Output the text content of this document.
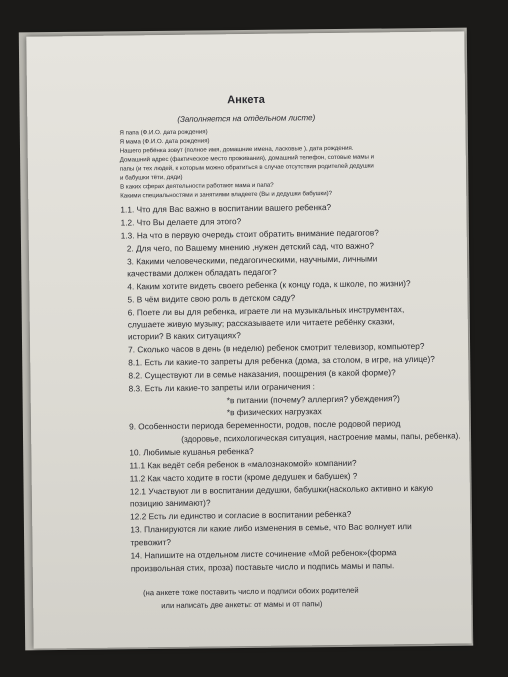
Анкета
(Заполняется на отдельном листе)
Я папа (Ф.И.О. дата рождения)
Я мама (Ф.И.О. дата рождения)
Нашего ребёнка зовут (полное имя, домашние имена, ласковые ), дата рождения.
Домашний адрес (фактическое место проживания), домашний телефон, сотовые мамы и
папы (и тех людей, к которым можно обратиться в случае отсутствия родителей дедушки
и бабушки тёти, дяди)
В каких сферах деятельности работают мама и папа?
Какими специальностями и занятиями владеете (Вы и дедушки бабушки)?
1.1. Что для Вас важно в воспитании вашего ребенка?
1.2. Что Вы делаете для этого?
1.3. На что в первую очередь стоит обратить внимание педагогов?
2. Для чего, по Вашему мнению ,нужен детский сад, что важно?
3. Какими человеческими, педагогическими, научными, личными
качествами должен обладать педагог?
4. Каким хотите видеть своего ребенка (к концу года, к школе, по жизни)?
5. В чём видите свою роль в детском саду?
6. Поете ли вы для ребенка, играете ли на музыкальных инструментах,
слушаете живую музыку; рассказываете или читаете ребёнку сказки,
истории? В каких ситуациях?
7. Сколько часов в день (в неделю) ребенок смотрит телевизор, компьютер?
8.1. Есть ли какие-то запреты для ребенка (дома, за столом, в игре, на улице)?
8.2. Существуют ли в семье наказания, поощрения (в какой форме)?
8.3. Есть ли какие-то запреты или ограничения :
*в питании (почему? аллергия? убеждения?)
*в физических нагрузках
9. Особенности периода беременности, родов, после родовой период
(здоровье, психологическая ситуация, настроение мамы, папы, ребенка).
10. Любимые кушанья ребенка?
11.1 Как ведёт себя ребенок в «малознакомой» компании?
11.2 Как часто ходите в гости (кроме дедушек и бабушек) ?
12.1 Участвуют ли в воспитании дедушки, бабушки(насколько активно и какую
позицию занимают)?
12.2 Есть ли единство и согласие в воспитании ребенка?
13. Планируются ли какие либо изменения в семье, что Вас волнует или
тревожит?
14. Напишите на отдельном листе сочинение «Мой ребенок»(форма
произвольная стих, проза) поставьте число и подпись мамы и папы.
(на анкете тоже поставить число и подписи обоих родителей
или написать две анкеты: от мамы и от папы)
